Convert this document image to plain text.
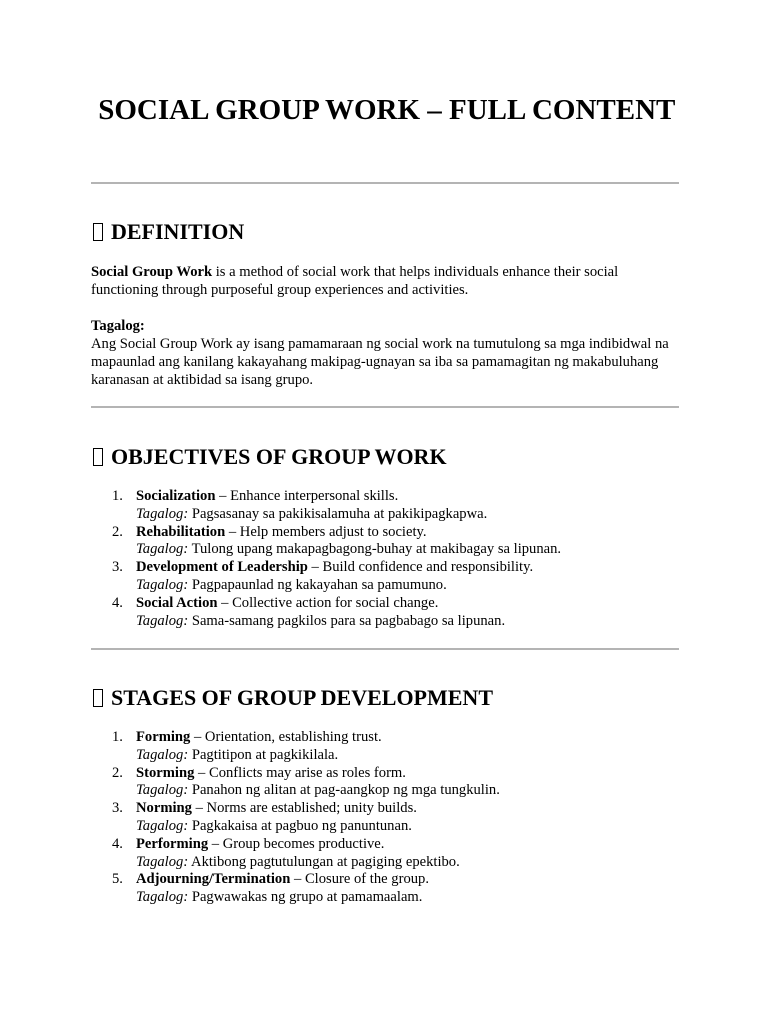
SOCIAL GROUP WORK – FULL CONTENT
DEFINITION

Social Group Work is a method of social work that helps individuals enhance their social functioning through purposeful group experiences and activities.

Tagalog:

Ang Social Group Work ay isang pamamaraan ng social work na tumutulong sa mga indibidwal na mapaunlad ang kanilang kakayahang makipag-ugnayan sa iba sa pamamagitan ng makabuluhang karanasan at aktibidad sa isang grupo.

OBJECTIVES OF GROUP WORK
1. Socialization – Enhance interpersonal skills.
Tagalog: Pagsasanay sa pakikisalamuha at pakikipagkapwa.
2. Rehabilitation – Help members adjust to society.
Tagalog: Tulong upang makapagbagong-buhay at makibagay sa lipunan.
3. Development of Leadership – Build confidence and responsibility.
Tagalog: Pagpapaunlad ng kakayahan sa pamumuno.
4. Social Action – Collective action for social change.
Tagalog: Sama-samang pagkilos para sa pagbabago sa lipunan.
STAGES OF GROUP DEVELOPMENT
1. Forming – Orientation, establishing trust.
Tagalog: Pagtitipon at pagkikilala.
2. Storming – Conflicts may arise as roles form.
Tagalog: Panahon ng alitan at pag-aangkop ng mga tungkulin.
3. Norming – Norms are established; unity builds.
Tagalog: Pagkakaisa at pagbuo ng panuntunan.
4. Performing – Group becomes productive.
Tagalog: Aktibong pagtutulungan at pagiging epektibo.
5. Adjourning/Termination – Closure of the group.
Tagalog: Pagwawakas ng grupo at pamamaalam.
